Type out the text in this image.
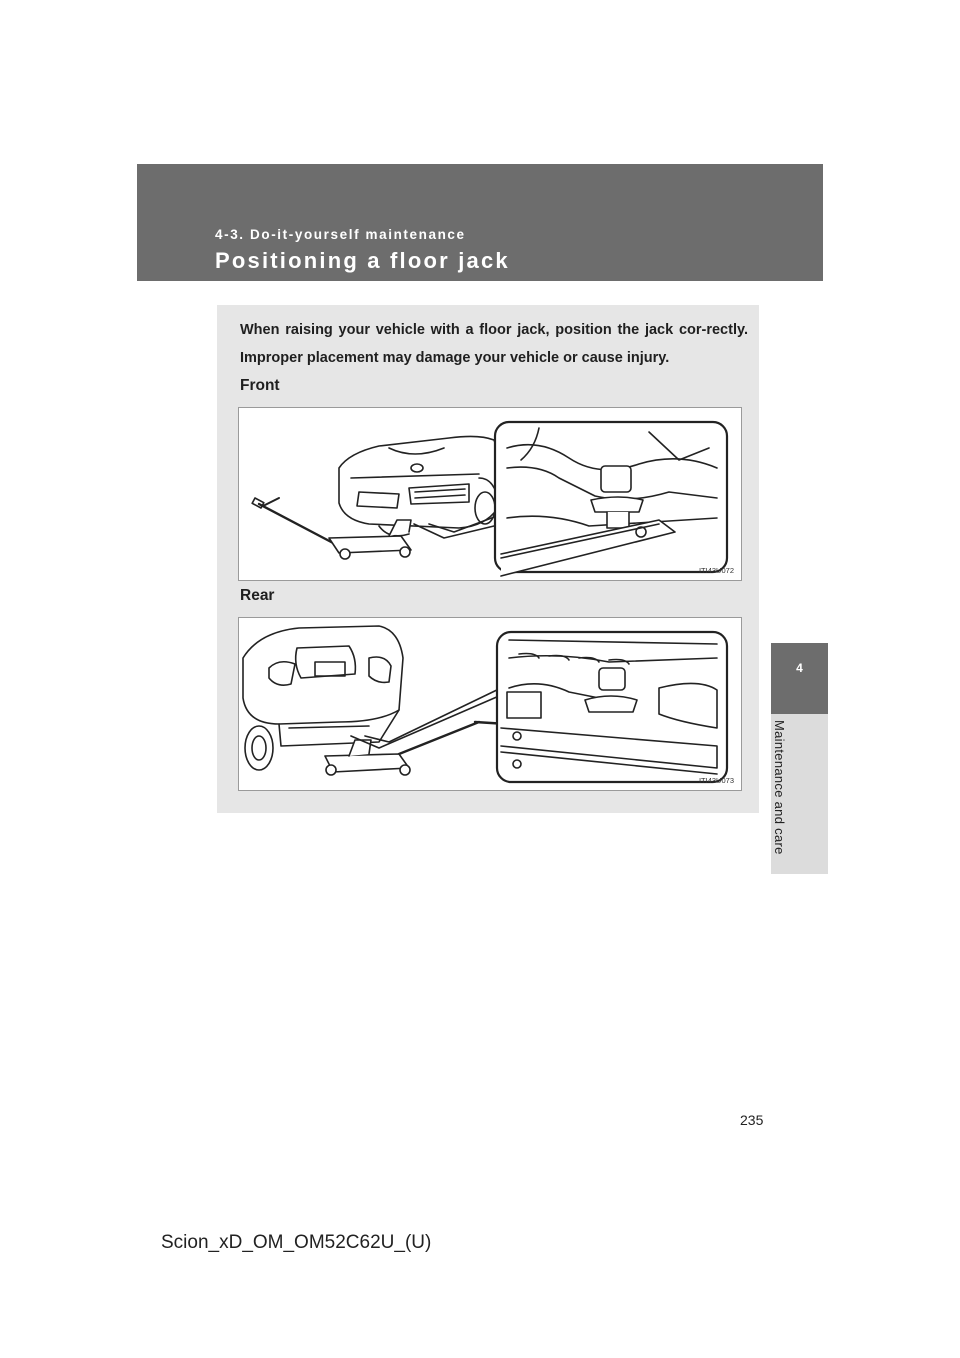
4-3. Do-it-yourself maintenance
Positioning a floor jack
4
Maintenance and care
When raising your vehicle with a floor jack, position the jack cor-rectly. Improper placement may damage your vehicle or cause injury.
Front
ITI43U072
Rear
ITI43U073
235
Scion_xD_OM_OM52C62U_(U)
